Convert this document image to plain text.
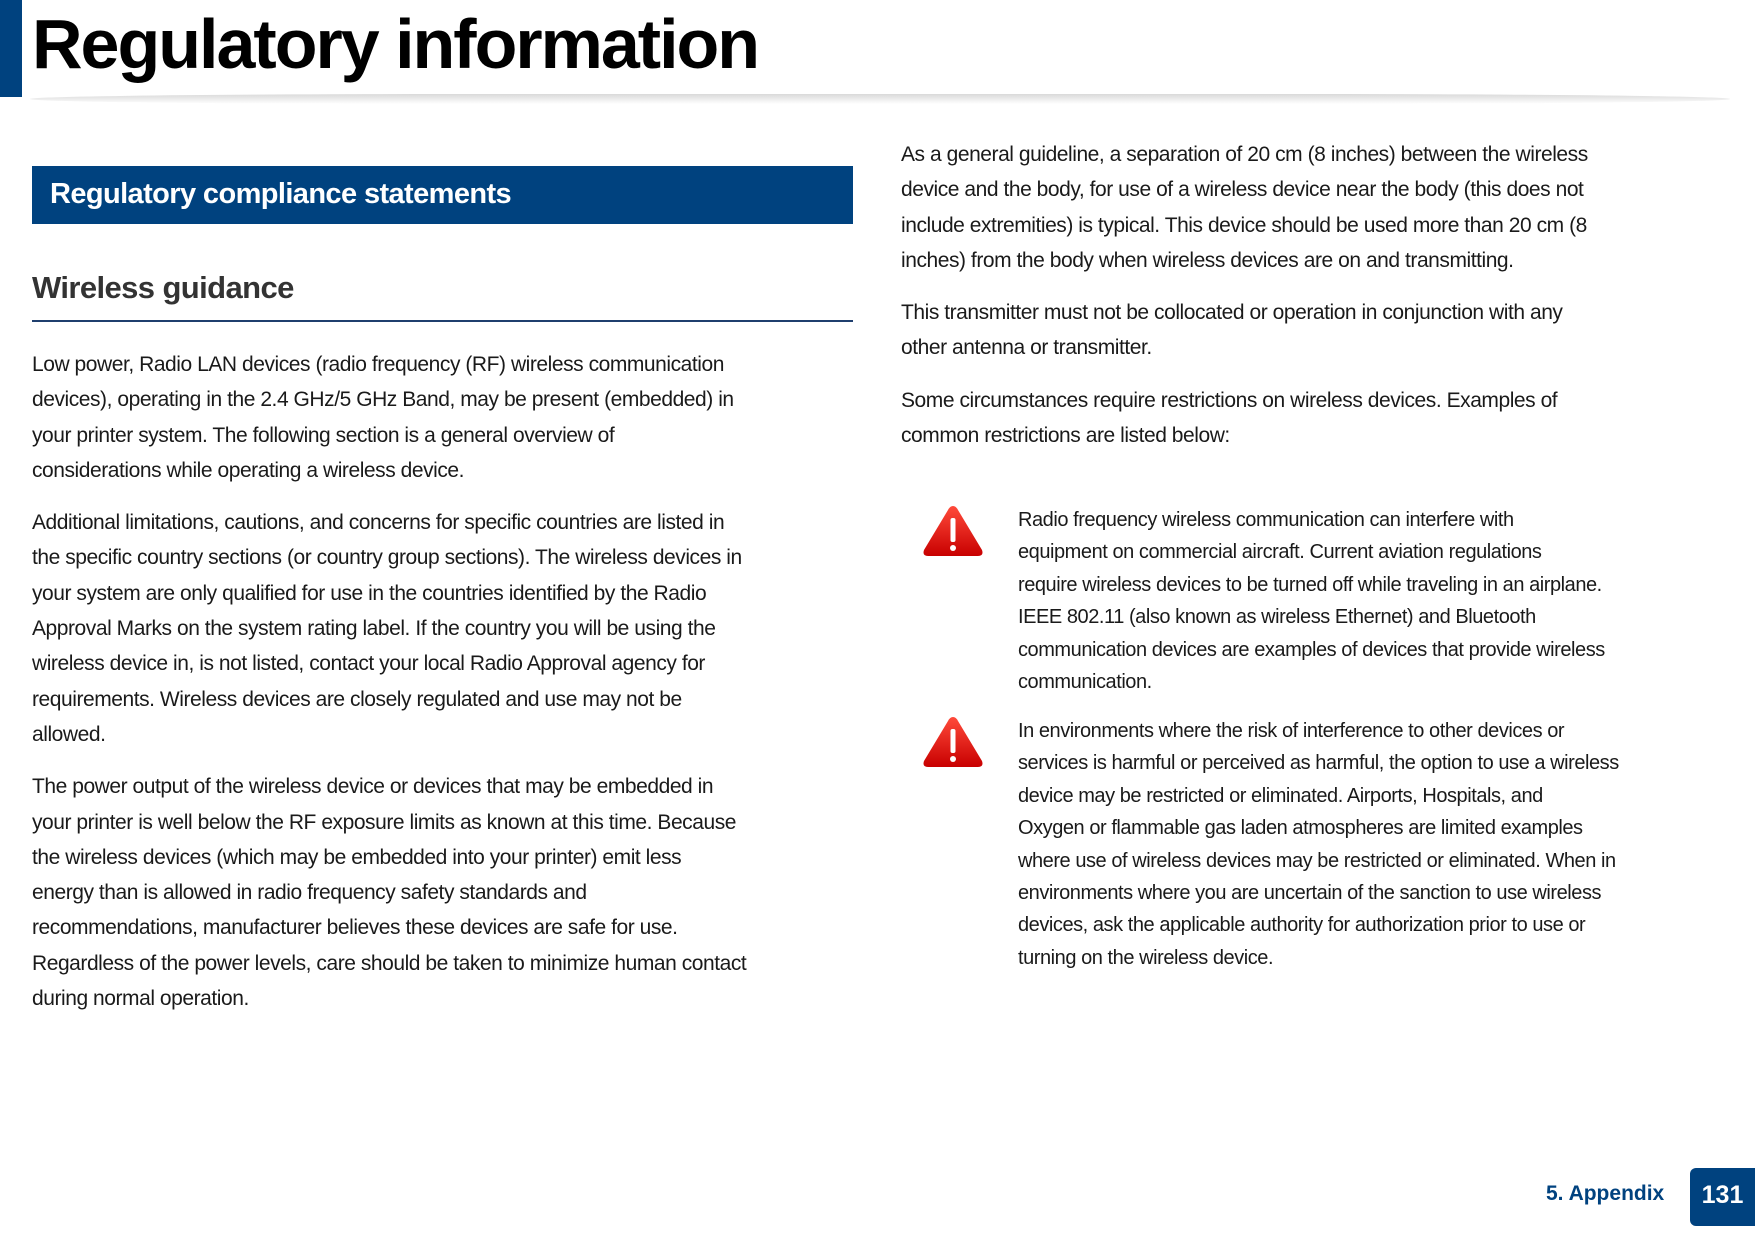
Regulatory information
Regulatory compliance statements
Wireless guidance
Low power, Radio LAN devices (radio frequency (RF) wireless communication
devices), operating in the 2.4 GHz/5 GHz Band, may be present (embedded) in
your printer system. The following section is a general overview of
considerations while operating a wireless device.
Additional limitations, cautions, and concerns for specific countries are listed in
the specific country sections (or country group sections). The wireless devices in
your system are only qualified for use in the countries identified by the Radio
Approval Marks on the system rating label. If the country you will be using the
wireless device in, is not listed, contact your local Radio Approval agency for
requirements. Wireless devices are closely regulated and use may not be
allowed.
The power output of the wireless device or devices that may be embedded in
your printer is well below the RF exposure limits as known at this time. Because
the wireless devices (which may be embedded into your printer) emit less
energy than is allowed in radio frequency safety standards and
recommendations, manufacturer believes these devices are safe for use.
Regardless of the power levels, care should be taken to minimize human contact
during normal operation.
As a general guideline, a separation of 20 cm (8 inches) between the wireless
device and the body, for use of a wireless device near the body (this does not
include extremities) is typical. This device should be used more than 20 cm (8
inches) from the body when wireless devices are on and transmitting.
This transmitter must not be collocated or operation in conjunction with any
other antenna or transmitter.
Some circumstances require restrictions on wireless devices. Examples of
common restrictions are listed below:
Radio frequency wireless communication can interfere with
equipment on commercial aircraft. Current aviation regulations
require wireless devices to be turned off while traveling in an airplane.
IEEE 802.11 (also known as wireless Ethernet) and Bluetooth
communication devices are examples of devices that provide wireless
communication.
In environments where the risk of interference to other devices or
services is harmful or perceived as harmful, the option to use a wireless
device may be restricted or eliminated. Airports, Hospitals, and
Oxygen or flammable gas laden atmospheres are limited examples
where use of wireless devices may be restricted or eliminated. When in
environments where you are uncertain of the sanction to use wireless
devices, ask the applicable authority for authorization prior to use or
turning on the wireless device.
5. Appendix	131
